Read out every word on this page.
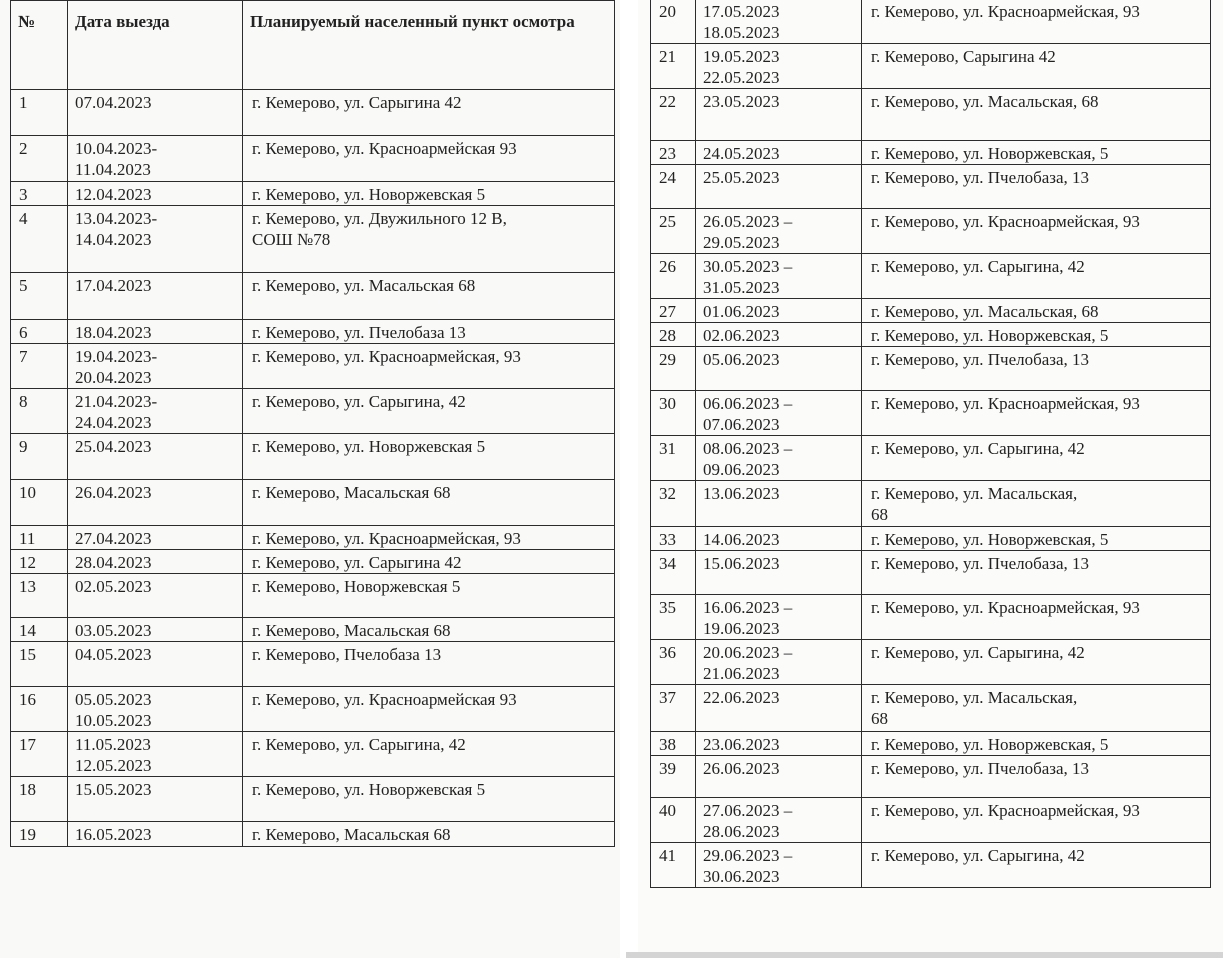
№	Дата выезда	Планируемый населенный пункт осмотра
1	07.04.2023	г. Кемерово, ул. Сарыгина 42
2	10.04.2023-
11.04.2023	г. Кемерово, ул. Красноармейская 93
3	12.04.2023	г. Кемерово, ул. Новоржевская 5
4	13.04.2023-
14.04.2023	г. Кемерово, ул. Двужильного 12 В,
СОШ №78
5	17.04.2023	г. Кемерово, ул. Масальская 68
6	18.04.2023	г. Кемерово, ул. Пчелобаза 13
7	19.04.2023-
20.04.2023	г. Кемерово, ул. Красноармейская, 93
8	21.04.2023-
24.04.2023	г. Кемерово, ул. Сарыгина, 42
9	25.04.2023	г. Кемерово, ул. Новоржевская 5
10	26.04.2023	г. Кемерово, Масальская 68
11	27.04.2023	г. Кемерово, ул. Красноармейская, 93
12	28.04.2023	г. Кемерово, ул. Сарыгина 42
13	02.05.2023	г. Кемерово, Новоржевская 5
14	03.05.2023	г. Кемерово, Масальская 68
15	04.05.2023	г. Кемерово, Пчелобаза 13
16	05.05.2023
10.05.2023	г. Кемерово, ул. Красноармейская 93
17	11.05.2023
12.05.2023	г. Кемерово, ул. Сарыгина, 42
18	15.05.2023	г. Кемерово, ул. Новоржевская 5
19	16.05.2023	г. Кемерово, Масальская 68
20	17.05.2023
18.05.2023	г. Кемерово, ул. Красноармейская, 93
21	19.05.2023
22.05.2023	г. Кемерово, Сарыгина 42
22	23.05.2023	г. Кемерово, ул. Масальская, 68
23	24.05.2023	г. Кемерово, ул. Новоржевская, 5
24	25.05.2023	г. Кемерово, ул. Пчелобаза, 13
25	26.05.2023 –
29.05.2023	г. Кемерово, ул. Красноармейская, 93
26	30.05.2023 –
31.05.2023	г. Кемерово, ул. Сарыгина, 42
27	01.06.2023	г. Кемерово, ул. Масальская, 68
28	02.06.2023	г. Кемерово, ул. Новоржевская, 5
29	05.06.2023	г. Кемерово, ул. Пчелобаза, 13
30	06.06.2023 –
07.06.2023	г. Кемерово, ул. Красноармейская, 93
31	08.06.2023 –
09.06.2023	г. Кемерово, ул. Сарыгина, 42
32	13.06.2023	г. Кемерово, ул. Масальская,
68
33	14.06.2023	г. Кемерово, ул. Новоржевская, 5
34	15.06.2023	г. Кемерово, ул. Пчелобаза, 13
35	16.06.2023 –
19.06.2023	г. Кемерово, ул. Красноармейская, 93
36	20.06.2023 –
21.06.2023	г. Кемерово, ул. Сарыгина, 42
37	22.06.2023	г. Кемерово, ул. Масальская,
68
38	23.06.2023	г. Кемерово, ул. Новоржевская, 5
39	26.06.2023	г. Кемерово, ул. Пчелобаза, 13
40	27.06.2023 –
28.06.2023	г. Кемерово, ул. Красноармейская, 93
41	29.06.2023 –
30.06.2023	г. Кемерово, ул. Сарыгина, 42
